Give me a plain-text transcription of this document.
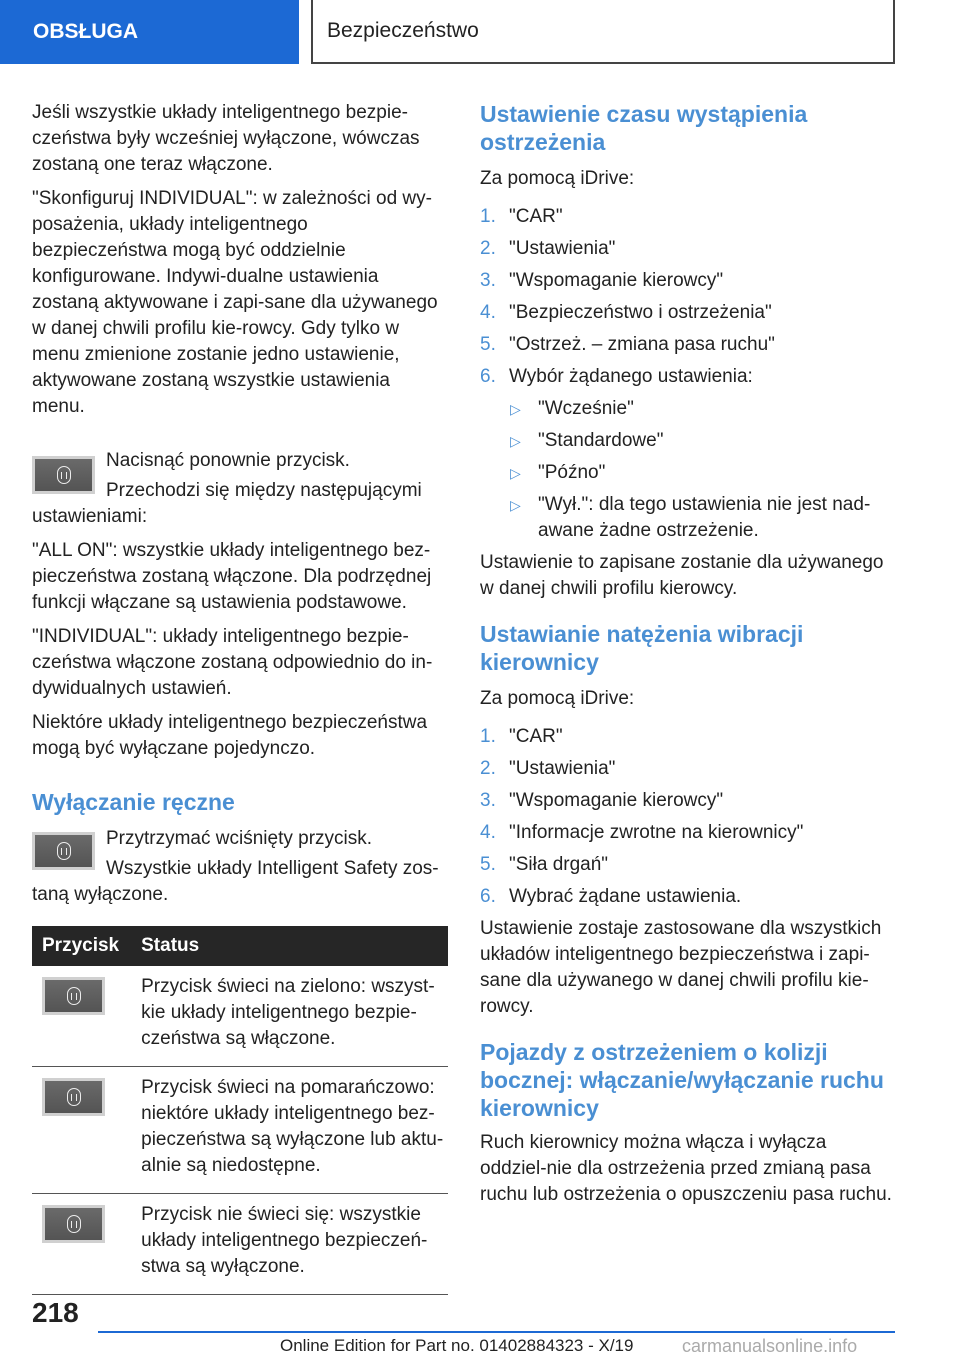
OBSŁUGA	Bezpieczeństwo

Jeśli wszystkie układy inteligentnego bezpie-czeństwa były wcześniej wyłączone, wówczas zostaną one teraz włączone.

"Skonfiguruj INDIVIDUAL": w zależności od wy-posażenia, układy inteligentnego bezpieczeństwa mogą być oddzielnie konfigurowane. Indywi-dualne ustawienia zostaną aktywowane i zapi-sane dla używanego w danej chwili profilu kie-rowcy. Gdy tylko w menu zmienione zostanie jedno ustawienie, aktywowane zostaną wszystkie ustawienia menu.

Nacisnąć ponownie przycisk.

Przechodzi się między następującymi ustawieniami:

"ALL ON": wszystkie układy inteligentnego bez-pieczeństwa zostaną włączone. Dla podrzędnej funkcji włączane są ustawienia podstawowe.

"INDIVIDUAL": układy inteligentnego bezpie-czeństwa włączone zostaną odpowiednio do in-dywidualnych ustawień.

Niektóre układy inteligentnego bezpieczeństwa mogą być wyłączane pojedynczo.

Wyłączanie ręczne

Przytrzymać wciśnięty przycisk.

Wszystkie układy Intelligent Safety zos-taną wyłączone.

Przycisk	Status

	Przycisk świeci na zielono: wszyst-kie układy inteligentnego bezpie-czeństwa są włączone.

	Przycisk świeci na pomarańczowo: niektóre układy inteligentnego bez-pieczeństwa są wyłączone lub aktu-alnie są niedostępne.

	Przycisk nie świeci się: wszystkie układy inteligentnego bezpieczeń-stwa są wyłączone.
Ustawienie czasu wystąpienia ostrzeżenia

Za pomocą iDrive:

1. "CAR"
2. "Ustawienia"
3. "Wspomaganie kierowcy"
4. "Bezpieczeństwo i ostrzeżenia"
5. "Ostrzeż. – zmiana pasa ruchu"
6. Wybór żądanego ustawienia:
▷ "Wcześnie"
▷ "Standardowe"
▷ "Późno"
▷ "Wył.": dla tego ustawienia nie jest nad-awane żadne ostrzeżenie.

Ustawienie to zapisane zostanie dla używanego w danej chwili profilu kierowcy.

Ustawianie natężenia wibracji kierownicy

Za pomocą iDrive:

1. "CAR"
2. "Ustawienia"
3. "Wspomaganie kierowcy"
4. "Informacje zwrotne na kierownicy"
5. "Siła drgań"
6. Wybrać żądane ustawienia.

Ustawienie zostaje zastosowane dla wszystkich układów inteligentnego bezpieczeństwa i zapi-sane dla używanego w danej chwili profilu kie-rowcy.

Pojazdy z ostrzeżeniem o kolizji bocznej: włączanie/wyłączanie ruchu kierownicy

Ruch kierownicy można włącza i wyłącza oddziel-nie dla ostrzeżenia przed zmianą pasa ruchu lub ostrzeżenia o opuszczeniu pasa ruchu.

218
Online Edition for Part no. 01402884323 - X/19	carmanualsonline.info
